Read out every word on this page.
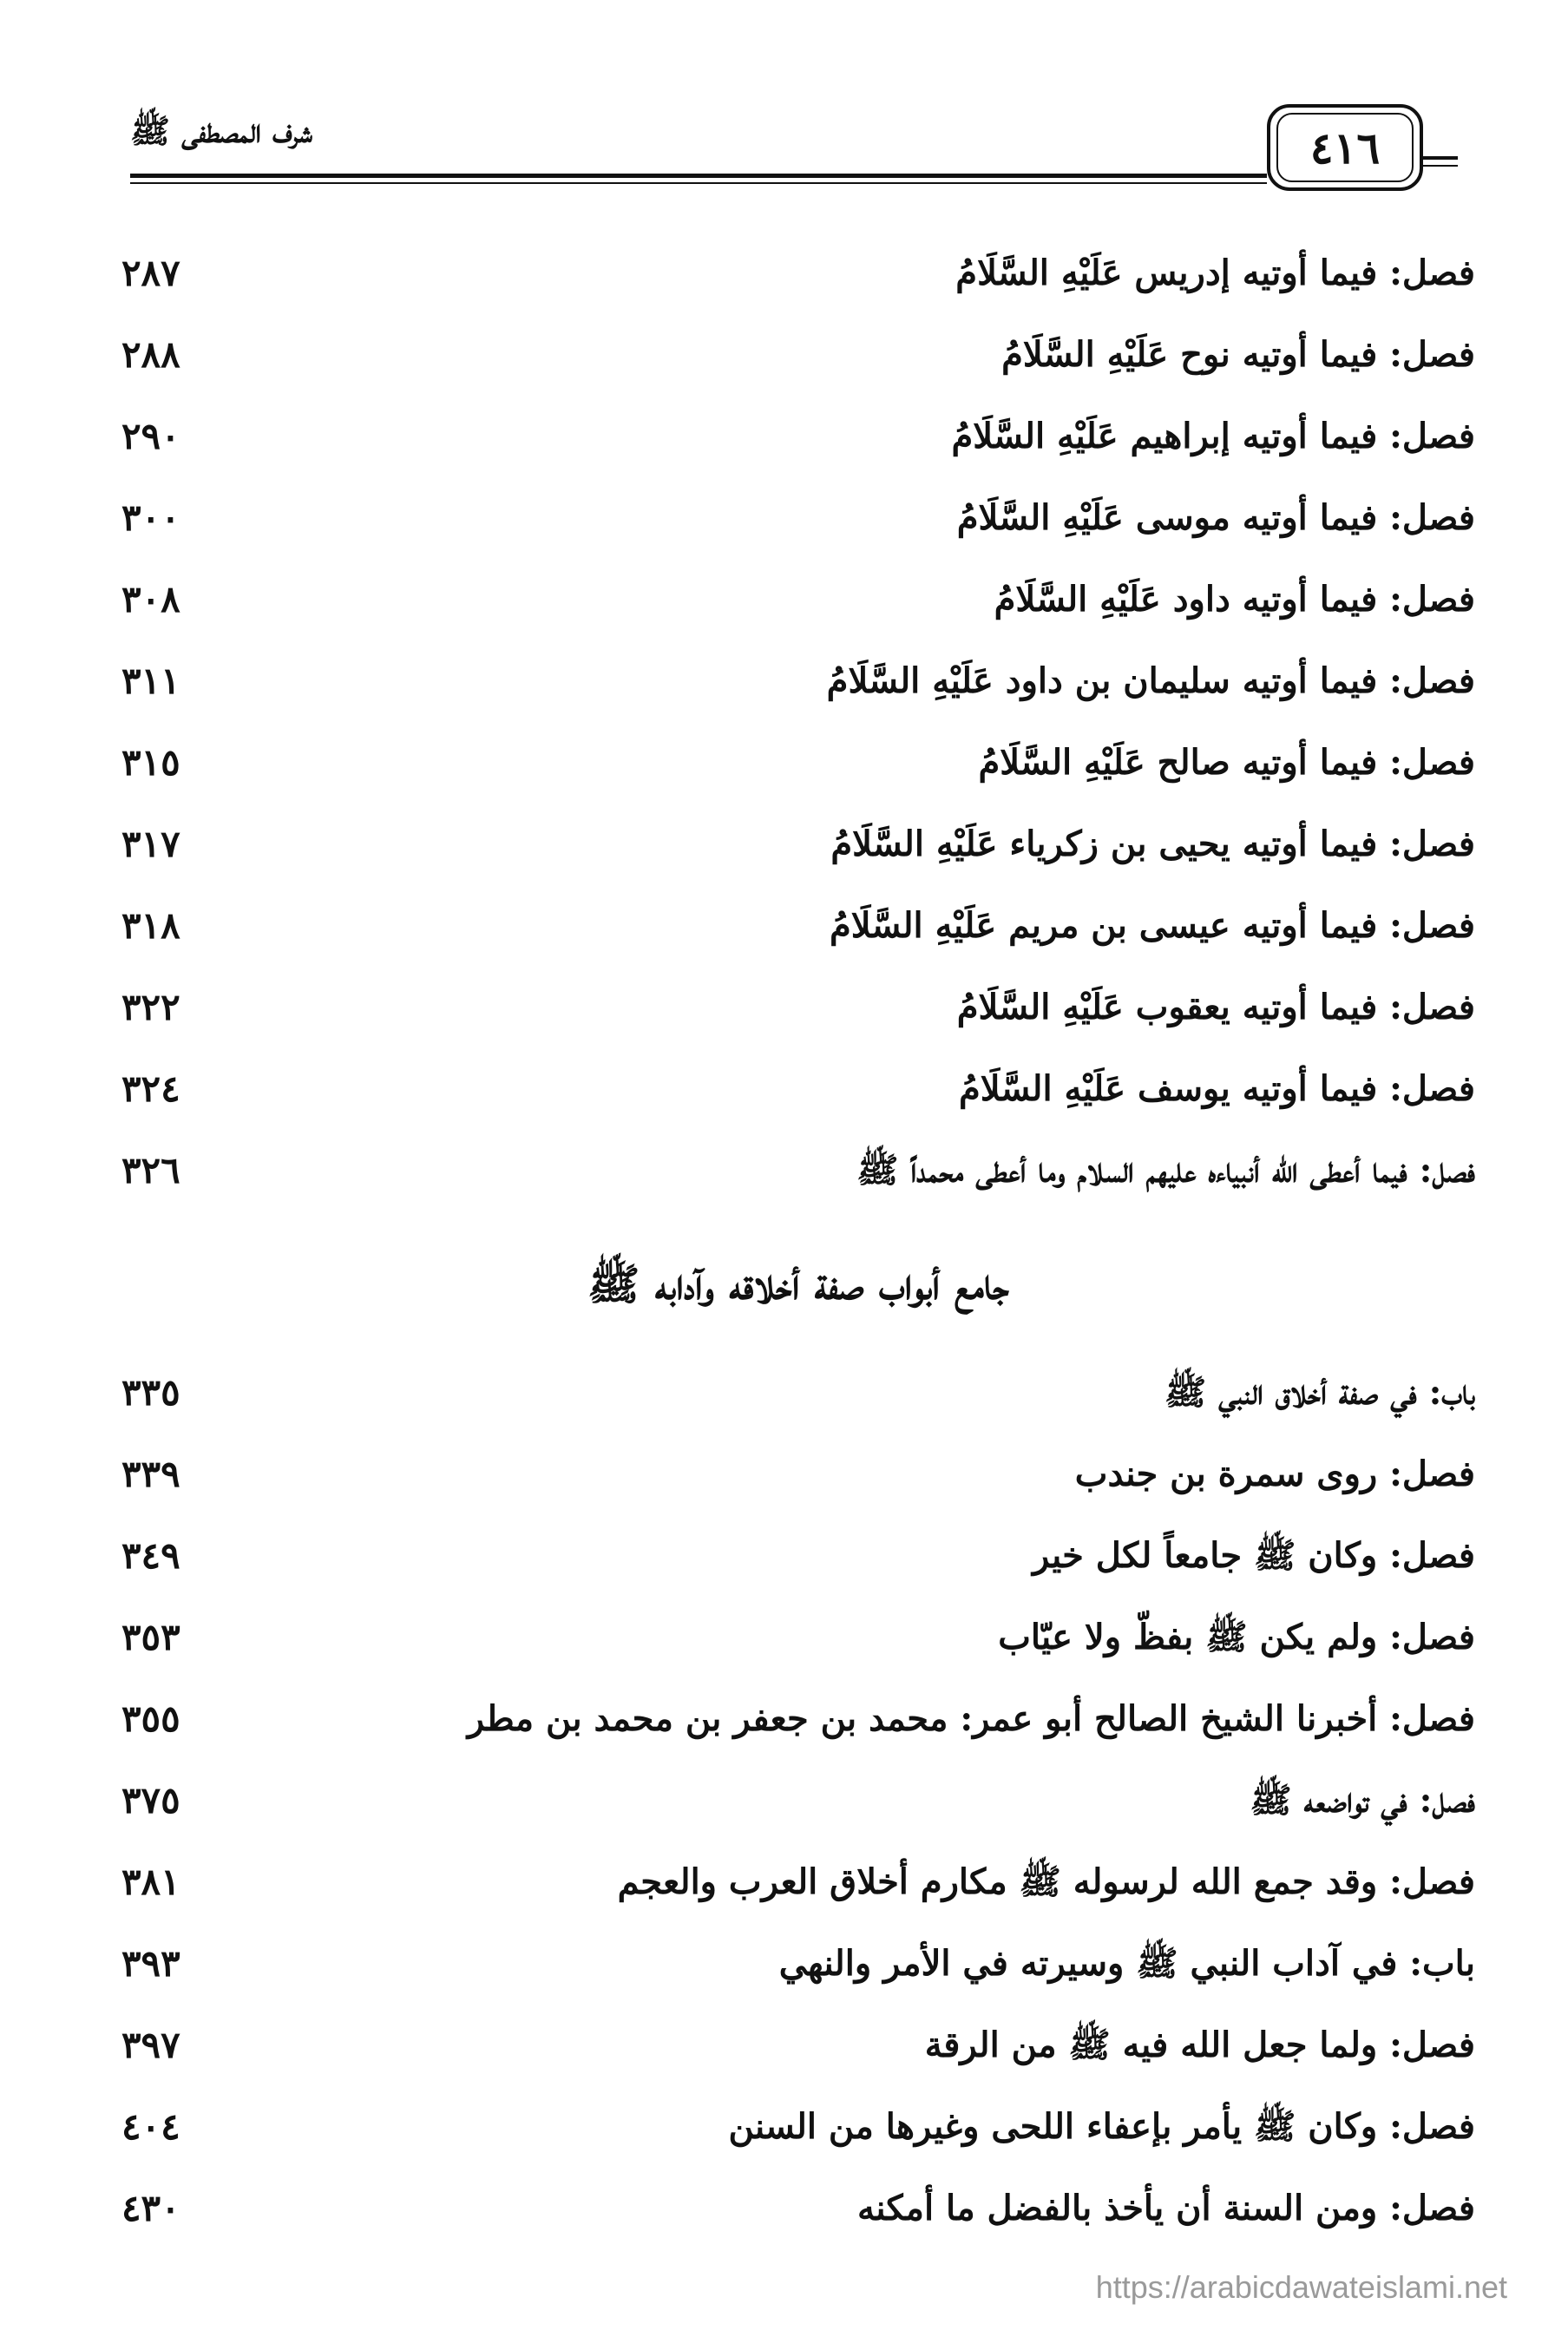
شرف المصطفى ﷺ	٤١٦
فصل: فيما أوتيه إدريس عَلَيْهِ السَّلَامُ
٢٨٧
فصل: فيما أوتيه نوح عَلَيْهِ السَّلَامُ
٢٨٨
فصل: فيما أوتيه إبراهيم عَلَيْهِ السَّلَامُ
٢٩٠
فصل: فيما أوتيه موسى عَلَيْهِ السَّلَامُ
٣٠٠
فصل: فيما أوتيه داود عَلَيْهِ السَّلَامُ
٣٠٨
فصل: فيما أوتيه سليمان بن داود عَلَيْهِ السَّلَامُ
٣١١
فصل: فيما أوتيه صالح عَلَيْهِ السَّلَامُ
٣١٥
فصل: فيما أوتيه يحيى بن زكرياء عَلَيْهِ السَّلَامُ
٣١٧
فصل: فيما أوتيه عيسى بن مريم عَلَيْهِ السَّلَامُ
٣١٨
فصل: فيما أوتيه يعقوب عَلَيْهِ السَّلَامُ
٣٢٢
فصل: فيما أوتيه يوسف عَلَيْهِ السَّلَامُ
٣٢٤
فصل: فيما أعطى الله أنبياءه عليهم السلام وما أعطى محمداً ﷺ
٣٢٦
جامع أبواب صفة أخلاقه وآدابه ﷺ
باب: في صفة أخلاق النبي ﷺ
٣٣٥
فصل: روى سمرة بن جندب
٣٣٩
فصل: وكان ﷺ جامعاً لكل خير
٣٤٩
فصل: ولم يكن ﷺ بفظّ ولا عيّاب
٣٥٣
فصل: أخبرنا الشيخ الصالح أبو عمر: محمد بن جعفر بن محمد بن مطر
٣٥٥
فصل: في تواضعه ﷺ
٣٧٥
فصل: وقد جمع الله لرسوله ﷺ مكارم أخلاق العرب والعجم
٣٨١
باب: في آداب النبي ﷺ وسيرته في الأمر والنهي
٣٩٣
فصل: ولما جعل الله فيه ﷺ من الرقة
٣٩٧
فصل: وكان ﷺ يأمر بإعفاء اللحى وغيرها من السنن
٤٠٤
فصل: ومن السنة أن يأخذ بالفضل ما أمكنه
٤٣٠
https://arabicdawateislami.net
